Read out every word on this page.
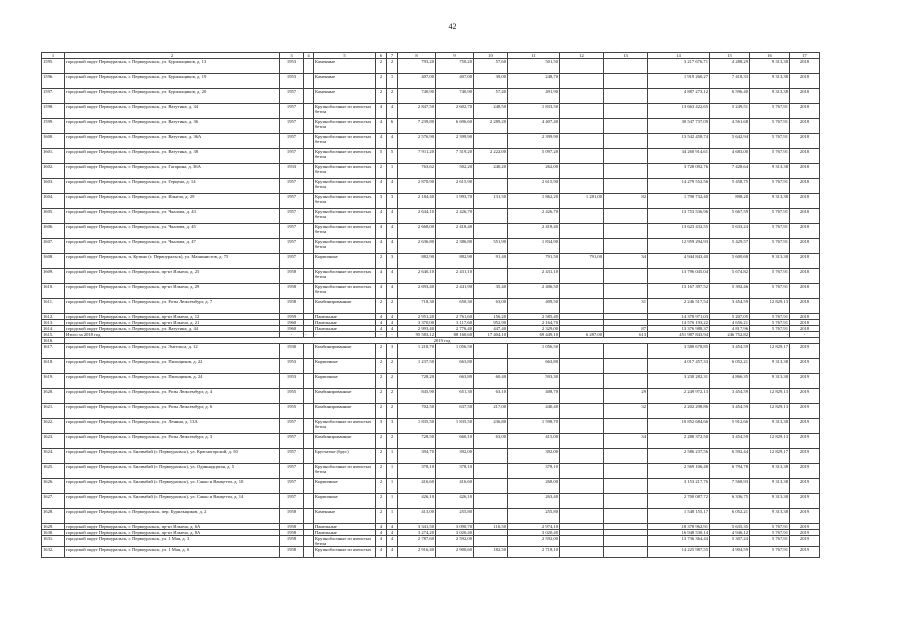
42
1	2	3	4	5	6	7	8	9	10	11	12	13	14	15	16	17
1595.	городской округ Первоуральск, г. Первоуральск, ул. Бурильщиков, д. 13	1953		Каменные	2	2	793,20	750,20	57,60	501,50			3 217 676,71	4 288,29	9 313,38	2018
1596.	городской округ Первоуральск, г. Первоуральск, ул. Бурильщиков, д. 19	1953		Каменные	2	1	407,00	407,00	39,00	248,70			1 919 260,27	7 418,33	9 313,38	2018
1597.	городской округ Первоуральск, г. Первоуральск, ул. Бурильщиков, д. 20	1957		Каменные	2	2	740,90	740,90	57,40	491,90			4 887 273,12	6 596,40	9 313,38	2018
1598.	городской округ Первоуральск, г. Первоуральск, ул. Ватутина, д. 34	1957		Крупноблочные из ячеистых бетон	4	4	2 847,50	2 602,70	248,50	1 833,50			13 663 422,65	5 249,51	5 767,91	2018
1599.	городской округ Первоуральск, г. Первоуральск, ул. Ватутина, д. 36	1957		Крупноблочные из ячеистых бетон	4	6	7 239,80	6 696,60	2 289,20	4 407,40			30 547 737,09	4 561,68	5 767,91	2018
1600.	городской округ Первоуральск, г. Первоуральск, ул. Ватутина, д. 36А	1957		Крупноблочные из ячеистых бетон	4	4	2 576,90	2 399,90		2 399,90			13 542 458,74	5 642,94	5 767,91	2018
1601.	городской округ Первоуральск, г. Первоуральск, ул. Ватутина, д. 38	1957		Крупноблочные из ячеистых бетон	5	5	7 911,20	7 319,20	2 222,00	5 097,20			34 260 914,61	4 683,00	5 767,91	2018
1602.	городской округ Первоуральск, г. Первоуральск, ул. Гагарина, д. 36А	1933		Крупноблочные из ячеистых бетон	2	1	763,62	502,20	240,20	262,00			3 728 092,76	7 428,64	9 313,38	2018
1603.	городской округ Первоуральск, г. Первоуральск, ул. Герцена, д. 14	1957		Крупноблочные из ячеистых бетон	4	4	2 870,90	2 615,90		2 615,90			14 279 552,56	5 458,75	5 767,91	2018
1604.	городской округ Первоуральск, г. Первоуральск, ул. Ильича, д. 29	1957		Крупноблочные из ячеистых бетон	3	3	2 184,40	1 993,70	131,50	1 862,20	1 281,00	82	1 790 732,40	898,20	9 313,38	2018
1605.	городской округ Первоуральск, г. Первоуральск, ул. Чкалова, д. 43	1957		Крупноблочные из ячеистых бетон	4	4	2 644,10	2 426,70		2 426,70			13 753 536,96	5 667,59	5 767,91	2018
1606.	городской округ Первоуральск, г. Первоуральск, ул. Чкалова, д. 45	1957		Крупноблочные из ячеистых бетон	4	4	2 668,00	2 418,40		2 418,40			13 623 432,55	5 633,24	5 767,91	2018
1607.	городской округ Первоуральск, г. Первоуральск, ул. Чкалова, д. 47	1957		Крупноблочные из ячеистых бетон	4	4	2 636,80	2 386,80	551,90	1 834,90			12 959 294,93	5 429,57	5 767,91	2018
1608.	городской округ Первоуральск, п. Кузино (г. Первоуральск), ул. Машинистов, д. 75	1957		Кирпичные	2	3	882,90	882,90	91,40	791,50	791,00	34	4 944 843,40	5 600,68	9 313,38	2018
1609.	городской округ Первоуральск, г. Первоуральск, пр-кт Ильича, д. 25	1958		Крупноблочные из ячеистых бетон	4	4	2 640,10	2 431,10		2 431,10			13 796 045,04	5 674,82	5 767,91	2018
1610.	городской округ Первоуральск, г. Первоуральск, пр-кт Ильича, д. 29	1958		Крупноблочные из ячеистых бетон	4	4	2 693,40	2 441,90	35,40	2 406,50			13 167 397,52	5 392,46	5 767,91	2018
1611.	городской округ Первоуральск, г. Первоуральск, ул. Розы Люксембург, д. 7	1958		Комбинированные	2	2	718,30	650,30	63,00	409,50		31	2 246 517,54	3 454,59	12 829,13	2018
1612.	городской округ Первоуральск, г. Первоуральск, пр-кт Ильича, д. 12	1959		Панельные	4	4	2 951,20	2 761,60	156,20	2 585,40			14 378 971,03	5 207,05	5 767,91	2018
1613.	городской округ Первоуральск, г. Первоуральск, пр-кт Ильича, д. 21	1960		Панельные	4	4	3 370,00	3 117,60	952,90	2 164,70			14 576 193,22	4 656,21	5 767,91	2018
1614.	городской округ Первоуральск, г. Первоуральск, ул. Ватутина, д. 44	1960		Панельные	4	4	2 993,40	2 776,40	447,40	2 329,00		87	13 376 988,37	4 817,96	5 767,91	2018
1615.	Итого за 2018 год	-	-	-	-	-	95 583,12	88 160,60	17 404,10	69 449,10	6 287,00	613	451 987 843,94	246 752,82	-	-
1616.	2019 год															
1617.	городской округ Первоуральск, г. Первоуральск, ул. Энгельса, д. 12	1930		Комбинированные	2	3	1 218,70	1 056,50		1 056,50			3 580 678,85	3 454,59	12 829,17	2019
1618.	городской округ Первоуральск, г. Первоуральск, ул. Пильщиков, д. 22	1953		Кирпичные	2	2	1 237,50	663,80		663,80			4 017 457,33	6 052,21	9 313,38	2019
1619.	городской округ Первоуральск, г. Первоуральск, ул. Пильщиков, д. 24	1953		Кирпичные	2	2	728,20	663,80	60,40	593,30			3 230 282,31	4 866,35	9 313,38	2019
1620.	городской округ Первоуральск, г. Первоуральск, ул. Розы Люксембург, д. 4	1955		Комбинированные	2	2	845,90	651,30	63,10	408,70		29	2 249 972,13	3 454,59	12 829,13	2019
1621.	городской округ Первоуральск, г. Первоуральск, ул. Розы Люксембург, д. 6	1955		Комбинированные	2	2	702,50	637,50	217,00	440,40		32	2 202 298,86	3 454,59	12 829,13	2019
1622.	городской округ Первоуральск, г. Первоуральск, ул. Ленина, д. 13А	1957		Крупноблочные из ячеистых бетон	3	3	1 835,50	1 835,50	236,80	1 598,70			10 852 684,66	5 912,66	9 313,38	2019
1623.	городской округ Первоуральск, г. Первоуральск, ул. Розы Люксембург, д. 3	1957		Комбинированные	2	2	728,50	660,10	63,00	415,00		34	2 280 372,50	3 454,59	12 829,13	2019
1624.	городской округ Первоуральск, п. Билимбай (г. Первоуральск), ул. Красногорской, д. 50	1957		Брусчатые (брус)	2	1	394,70	392,00		392,00			2 586 237,56	6 592,44	12 829,17	2019
1625.	городской округ Первоуральск, п. Билимбай (г. Первоуральск), ул. Одиннадцатая, д. 5	1957		Крупноблочные из ячеистых бетон	2	1	378,10	378,10		378,10			2 569 106,48	6 794,78	9 313,38	2019
1626.	городской округ Первоуральск, п. Билимбай (г. Первоуральск), ул. Сакко и Ванцетти, д. 10	1957		Кирпичные	2	1	416,60	416,60		268,00			3 153 217,76	7 568,93	9 313,38	2019
1627.	городской округ Первоуральск, п. Билимбай (г. Первоуральск), ул. Сакко и Ванцетти, д. 14	1957		Кирпичные	2	1	426,10	426,10		263,40			2 700 087,72	6 336,75	9 313,38	2019
1628.	городской округ Первоуральск, г. Первоуральск, пер. Бурильщиков, д. 2	1958		Каменные	2	1	413,00	255,80		255,80			1 548 155,17	6 052,21	9 313,38	2019
1629.	городской округ Первоуральск, г. Первоуральск, пр-кт Ильича, д. 6А	1958		Панельные	4	4	3 341,50	3 090,70	116,50	2 974,10			18 378 962,91	5 635,35	5 767,91	2019
1630.	городской округ Первоуральск, г. Первоуральск, пр-кт Ильича, д. 8А	1958		Панельные	4	4	3 274,20	3 020,40		3 020,40			16 948 530,14	4 946,12	5 767,91	2019
1631.	городской округ Первоуральск, г. Первоуральск, ул. 1 Мая, д. 3	1958		Крупноблочные из ячеистых бетон	4	4	2 787,60	2 592,00		2 592,00			13 736 364,44	5 307,24	5 767,91	2019
1632.	городской округ Первоуральск, г. Первоуральск, ул. 1 Мая, д. 6	1958		Крупноблочные из ячеистых	4	4	2 916,40	2 900,60	182,50	2 718,10			14 225 987,55	4 904,59	5 767,91	2019
